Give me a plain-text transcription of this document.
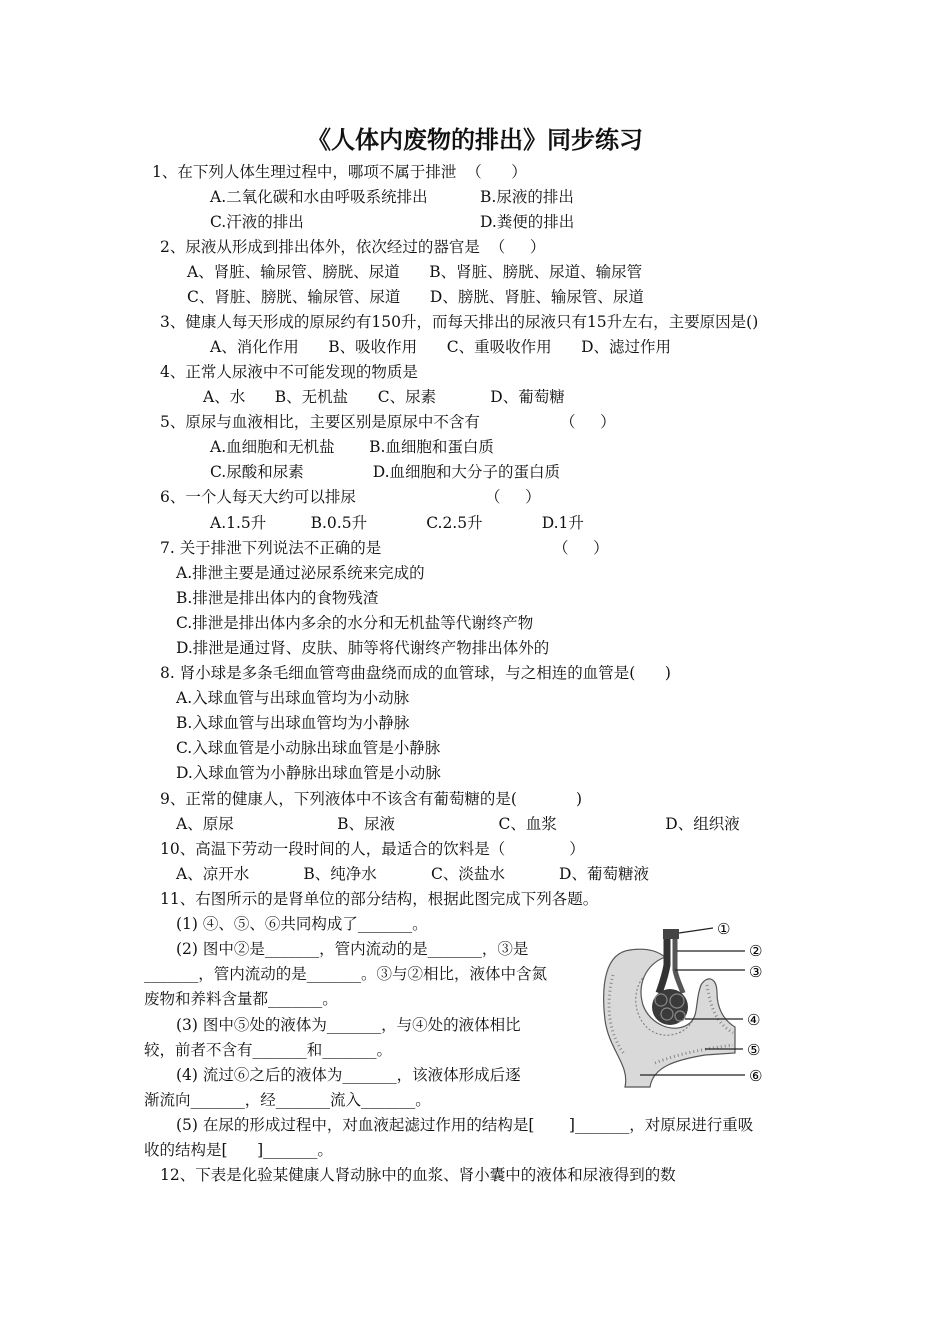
《人体内废物的排出》同步练习
1、在下列人体生理过程中，哪项不属于排泄  （      ）
A.二氧化碳和水由呼吸系统排出	B.尿液的排出
C.汗液的排出	D.粪便的排出
2、尿液从形成到排出体外，依次经过的器官是  （     ）
A、肾脏、输尿管、膀胱、尿道      B、肾脏、膀胱、尿道、输尿管
C、肾脏、膀胱、输尿管、尿道      D、膀胱、肾脏、输尿管、尿道
3、健康人每天形成的原尿约有150升，而每天排出的尿液只有15升左右，主要原因是()
A、消化作用      B、吸收作用      C、重吸收作用      D、滤过作用
4、正常人尿液中不可能发现的物质是
A、水      B、无机盐      C、尿素           D、葡萄糖
5、原尿与血液相比，主要区别是原尿中不含有	（     ）
A.血细胞和无机盐       B.血细胞和蛋白质
C.尿酸和尿素              D.血细胞和大分子的蛋白质
6、一个人每天大约可以排尿	（     ）
A.1.5升         B.0.5升            C.2.5升            D.1升
7. 关于排泄下列说法不正确的是	（     ）
A.排泄主要是通过泌尿系统来完成的
B.排泄是排出体内的食物残渣
C.排泄是排出体内多余的水分和无机盐等代谢终产物
D.排泄是通过肾、皮肤、肺等将代谢终产物排出体外的
8. 肾小球是多条毛细血管弯曲盘绕而成的血管球，与之相连的血管是(      )
A.入球血管与出球血管均为小动脉
B.入球血管与出球血管均为小静脉
C.入球血管是小动脉出球血管是小静脉
D.入球血管为小静脉出球血管是小动脉
9、正常的健康人，下列液体中不该含有葡萄糖的是(            )
A、原尿                     B、尿液                     C、血浆                      D、组织液
10、高温下劳动一段时间的人，最适合的饮料是（             ）
A、凉开水           B、纯净水           C、淡盐水           D、葡萄糖液
11、右图所示的是肾单位的部分结构，根据此图完成下列各题。
(1) ④、⑤、⑥共同构成了_______。
(2) 图中②是_______，管内流动的是_______，③是
_______，管内流动的是_______。③与②相比，液体中含氮
废物和养料含量都_______。
(3) 图中⑤处的液体为_______，与④处的液体相比
较，前者不含有_______和_______。
(4) 流过⑥之后的液体为_______，该液体形成后逐
渐流向_______，经_______流入_______。
(5) 在尿的形成过程中，对血液起滤过作用的结构是[       ]_______，对原尿进行重吸
收的结构是[      ]_______。
12、下表是化验某健康人肾动脉中的血浆、肾小囊中的液体和尿液得到的数
①
②
③
④
⑤
⑥
